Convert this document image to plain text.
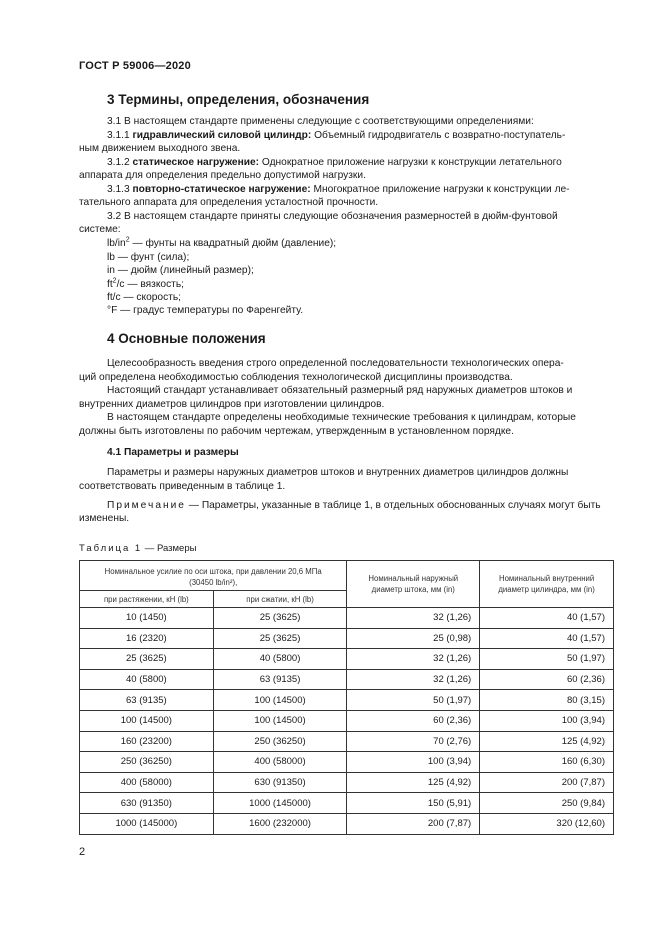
ГОСТ Р 59006—2020
3 Термины, определения, обозначения
3.1 В настоящем стандарте применены следующие с соответствующими определениями:
3.1.1 гидравлический силовой цилиндр: Объемный гидродвигатель с возвратно-поступатель-
ным движением выходного звена.
3.1.2 статическое нагружение: Однократное приложение нагрузки к конструкции летательного
аппарата для определения предельно допустимой нагрузки.
3.1.3 повторно-статическое нагружение: Многократное приложение нагрузки к конструкции ле-
тательного аппарата для определения усталостной прочности.
3.2 В настоящем стандарте приняты следующие обозначения размерностей в дюйм-фунтовой
системе:
$lb/in^2$ — фунты на квадратный дюйм (давление);
lb — фунт (сила);
in — дюйм (линейный размер);
$ft^2/c$ — вязкость;
ft/c — скорость;
°F — градус температуры по Фаренгейту.
4 Основные положения
Целесообразность введения строго определенной последовательности технологических опера-
ций определена необходимостью соблюдения технологической дисциплины производства.
Настоящий стандарт устанавливает обязательный размерный ряд наружных диаметров штоков и
внутренних диаметров цилиндров при изготовлении цилиндров.
В настоящем стандарте определены необходимые технические требования к цилиндрам, которые
должны быть изготовлены по рабочим чертежам, утвержденным в установленном порядке.
4.1 Параметры и размеры
Параметры и размеры наружных диаметров штоков и внутренних диаметров цилиндров должны
соответствовать приведенным в таблице 1.
Примечание — Параметры, указанные в таблице 1, в отдельных обоснованных случаях могут быть
изменены.
Таблица 1 — Размеры
Номинальное усилие по оси штока, при давлении 20,6 МПа (30450 lb/in²),		Номинальный наружный диаметр штока, мм (in)	Номинальный внутренний диаметр цилиндра, мм (in)
при растяжении, кН (lb)	при сжатии, кН (lb)		
10 (1450)	25 (3625)	32 (1,26)	40 (1,57)
16 (2320)	25 (3625)	25 (0,98)	40 (1,57)
25 (3625)	40 (5800)	32 (1,26)	50 (1,97)
40 (5800)	63 (9135)	32 (1,26)	60 (2,36)
63 (9135)	100 (14500)	50 (1,97)	80 (3,15)
100 (14500)	100 (14500)	60 (2,36)	100 (3,94)
160 (23200)	250 (36250)	70 (2,76)	125 (4,92)
250 (36250)	400 (58000)	100 (3,94)	160 (6,30)
400 (58000)	630 (91350)	125 (4,92)	200 (7,87)
630 (91350)	1000 (145000)	150 (5,91)	250 (9,84)
1000 (145000)	1600 (232000)	200 (7,87)	320 (12,60)
2
